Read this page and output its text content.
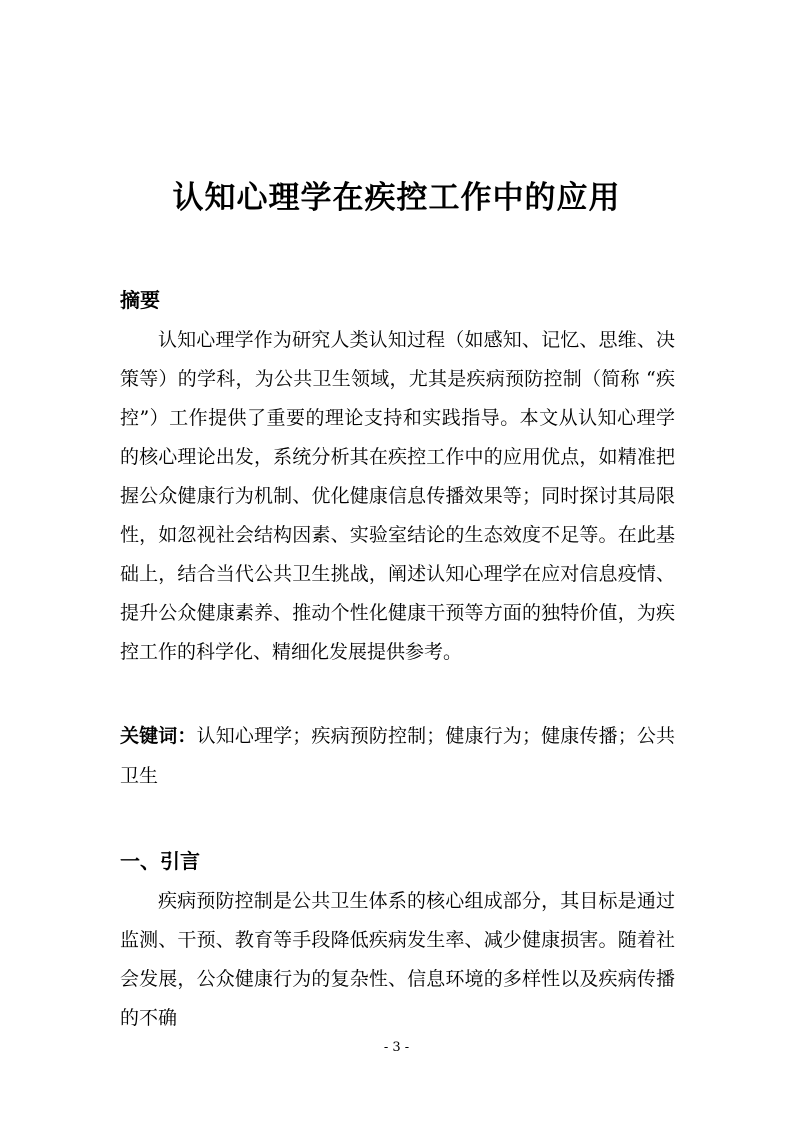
认知心理学在疾控工作中的应用
摘要

认知心理学作为研究人类认知过程（如感知、记忆、思维、决策等）的学科，为公共卫生领域，尤其是疾病预防控制（简称 “疾控”）工作提供了重要的理论支持和实践指导。本文从认知心理学的核心理论出发，系统分析其在疾控工作中的应用优点，如精准把握公众健康行为机制、优化健康信息传播效果等；同时探讨其局限性，如忽视社会结构因素、实验室结论的生态效度不足等。在此基础上，结合当代公共卫生挑战，阐述认知心理学在应对信息疫情、提升公众健康素养、推动个性化健康干预等方面的独特价值，为疾控工作的科学化、精细化发展提供参考。

关键词：认知心理学；疾病预防控制；健康行为；健康传播；公共卫生

一、引言

疾病预防控制是公共卫生体系的核心组成部分，其目标是通过监测、干预、教育等手段降低疾病发生率、减少健康损害。随着社会发展，公众健康行为的复杂性、信息环境的多样性以及疾病传播的不确

- 3 -
